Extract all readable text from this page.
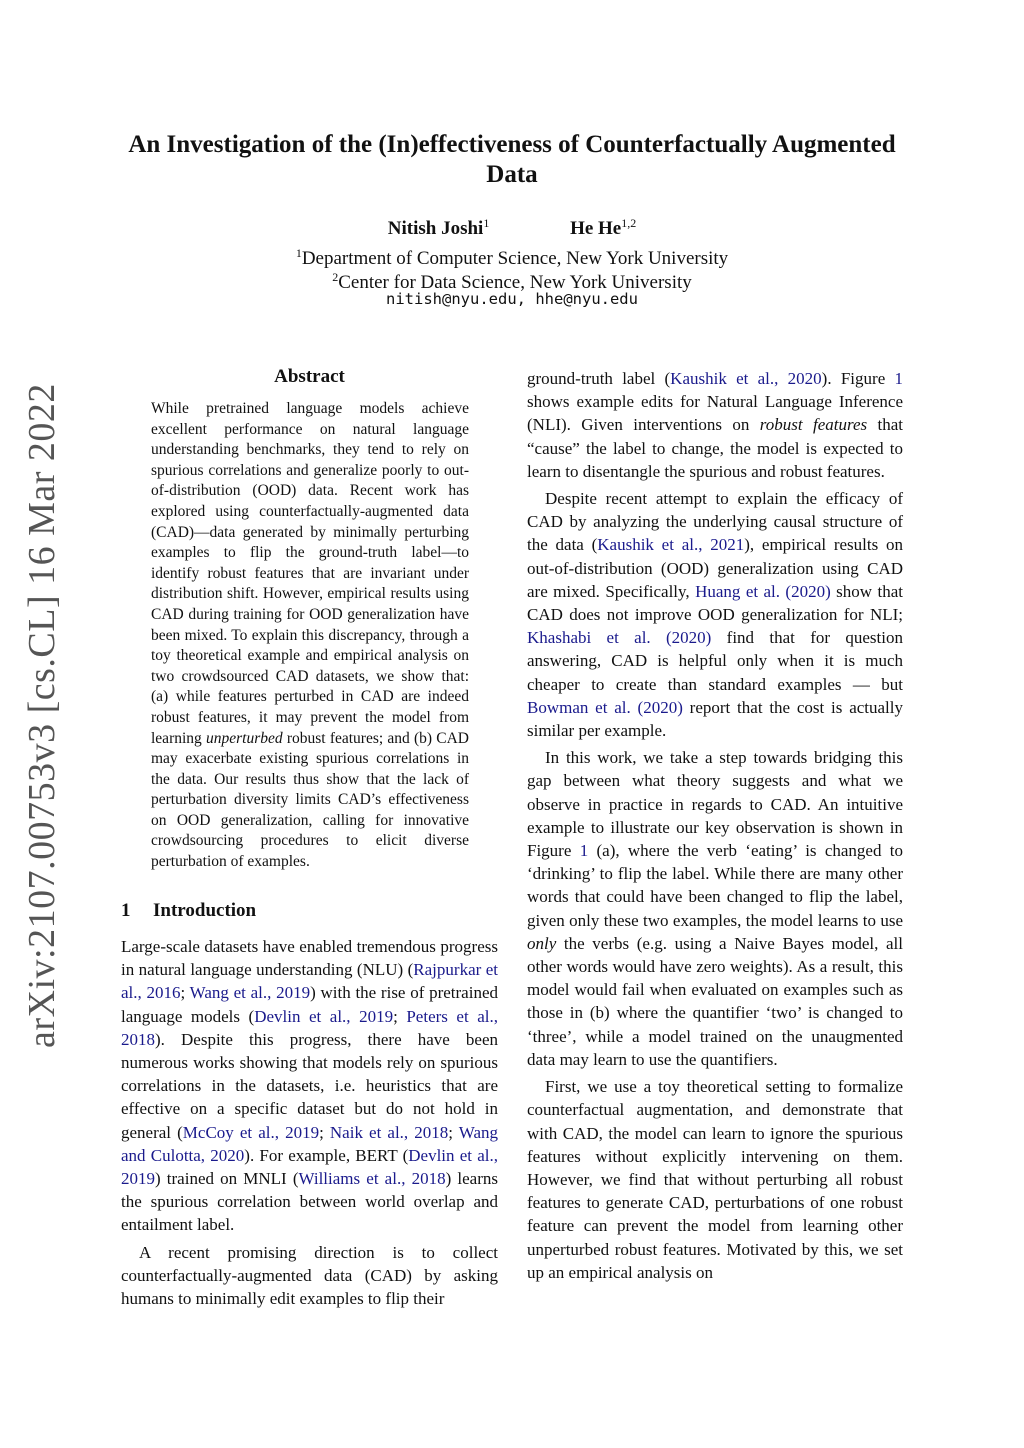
arXiv:2107.00753v3 [cs.CL] 16 Mar 2022
An Investigation of the (In)effectiveness of Counterfactually Augmented Data
Nitish Joshi$^1$	He He$^{1,2}$
$^1$Department of Computer Science, New York University
$^2$Center for Data Science, New York University
nitish@nyu.edu, hhe@nyu.edu
Abstract
While pretrained language models achieve excellent performance on natural language understanding benchmarks, they tend to rely on spurious correlations and generalize poorly to out-of-distribution (OOD) data. Recent work has explored using counterfactually-augmented data (CAD)—data generated by minimally perturbing examples to flip the ground-truth label—to identify robust features that are invariant under distribution shift. However, empirical results using CAD during training for OOD generalization have been mixed. To explain this discrepancy, through a toy theoretical example and empirical analysis on two crowdsourced CAD datasets, we show that: (a) while features perturbed in CAD are indeed robust features, it may prevent the model from learning unperturbed robust features; and (b) CAD may exacerbate existing spurious correlations in the data. Our results thus show that the lack of perturbation diversity limits CAD’s effectiveness on OOD generalization, calling for innovative crowdsourcing procedures to elicit diverse perturbation of examples.
1 Introduction

Large-scale datasets have enabled tremendous progress in natural language understanding (NLU) (Rajpurkar et al., 2016; Wang et al., 2019) with the rise of pretrained language models (Devlin et al., 2019; Peters et al., 2018). Despite this progress, there have been numerous works showing that models rely on spurious correlations in the datasets, i.e. heuristics that are effective on a specific dataset but do not hold in general (McCoy et al., 2019; Naik et al., 2018; Wang and Culotta, 2020). For example, BERT (Devlin et al., 2019) trained on MNLI (Williams et al., 2018) learns the spurious correlation between world overlap and entailment label.

A recent promising direction is to collect counterfactually-augmented data (CAD) by asking humans to minimally edit examples to flip their

ground-truth label (Kaushik et al., 2020). Figure 1 shows example edits for Natural Language Inference (NLI). Given interventions on robust features that “cause” the label to change, the model is expected to learn to disentangle the spurious and robust features.

Despite recent attempt to explain the efficacy of CAD by analyzing the underlying causal structure of the data (Kaushik et al., 2021), empirical results on out-of-distribution (OOD) generalization using CAD are mixed. Specifically, Huang et al. (2020) show that CAD does not improve OOD generalization for NLI; Khashabi et al. (2020) find that for question answering, CAD is helpful only when it is much cheaper to create than standard examples — but Bowman et al. (2020) report that the cost is actually similar per example.

In this work, we take a step towards bridging this gap between what theory suggests and what we observe in practice in regards to CAD. An intuitive example to illustrate our key observation is shown in Figure 1 (a), where the verb ‘eating’ is changed to ‘drinking’ to flip the label. While there are many other words that could have been changed to flip the label, given only these two examples, the model learns to use only the verbs (e.g. using a Naive Bayes model, all other words would have zero weights). As a result, this model would fail when evaluated on examples such as those in (b) where the quantifier ‘two’ is changed to ‘three’, while a model trained on the unaugmented data may learn to use the quantifiers.

First, we use a toy theoretical setting to formalize counterfactual augmentation, and demonstrate that with CAD, the model can learn to ignore the spurious features without explicitly intervening on them. However, we find that without perturbing all robust features to generate CAD, perturbations of one robust feature can prevent the model from learning other unperturbed robust features. Motivated by this, we set up an empirical analysis on
